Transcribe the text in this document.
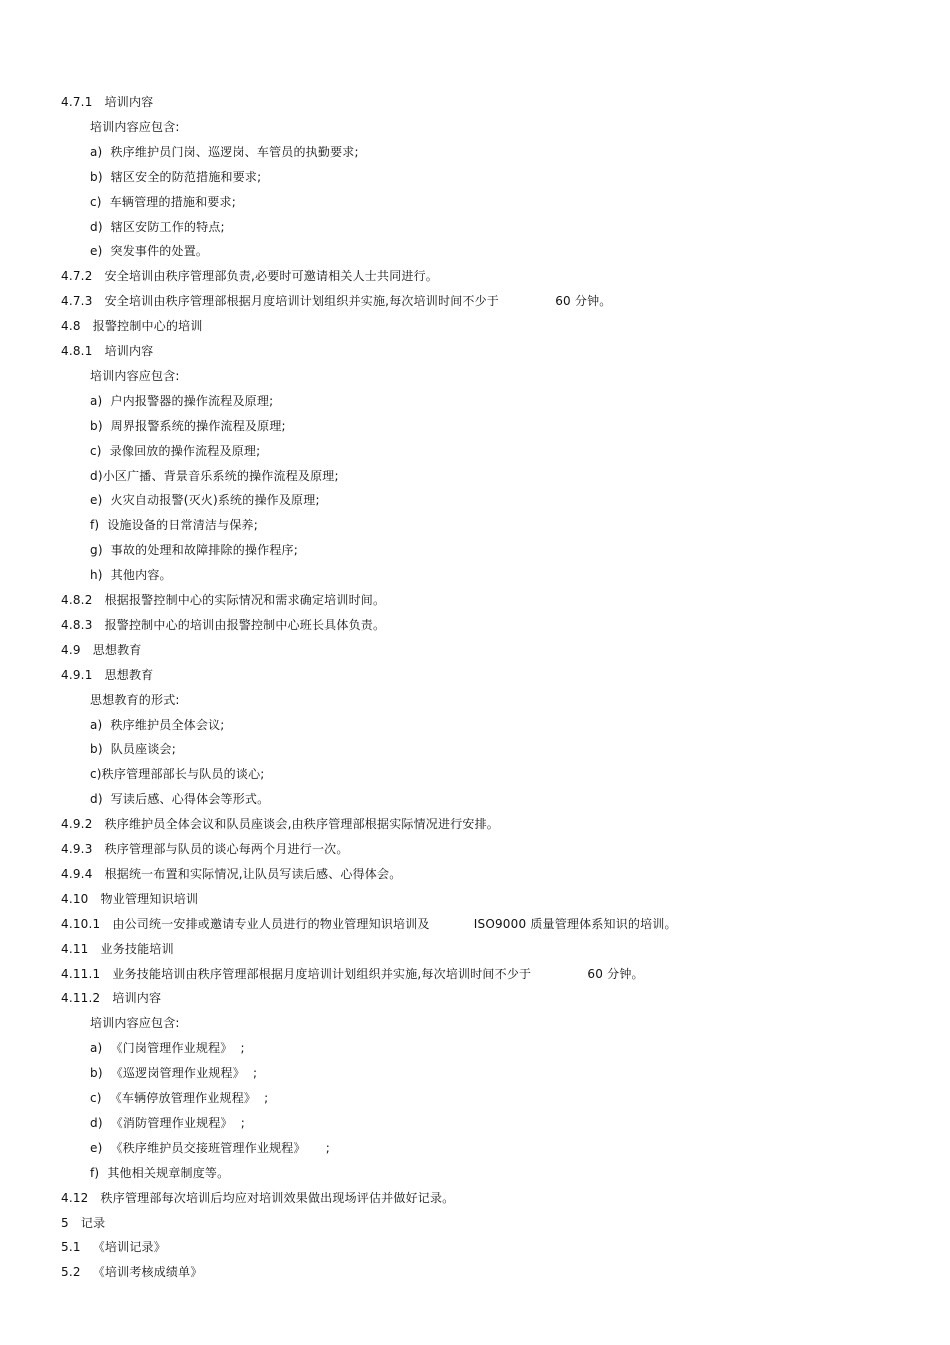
4.7.1   培训内容
培训内容应包含:
a)  秩序维护员门岗、巡逻岗、车管员的执勤要求;
b)  辖区安全的防范措施和要求;
c)  车辆管理的措施和要求;
d)  辖区安防工作的特点;
e)  突发事件的处置。
4.7.2   安全培训由秩序管理部负责,必要时可邀请相关人士共同进行。
4.7.3   安全培训由秩序管理部根据月度培训计划组织并实施,每次培训时间不少于              60 分钟。
4.8   报警控制中心的培训
4.8.1   培训内容
培训内容应包含:
a)  户内报警器的操作流程及原理;
b)  周界报警系统的操作流程及原理;
c)  录像回放的操作流程及原理;
d)小区广播、背景音乐系统的操作流程及原理;
e)  火灾自动报警(灭火)系统的操作及原理;
f)  设施设备的日常清洁与保养;
g)  事故的处理和故障排除的操作程序;
h)  其他内容。
4.8.2   根据报警控制中心的实际情况和需求确定培训时间。
4.8.3   报警控制中心的培训由报警控制中心班长具体负责。
4.9   思想教育
4.9.1   思想教育
思想教育的形式:
a)  秩序维护员全体会议;
b)  队员座谈会;
c)秩序管理部部长与队员的谈心;
d)  写读后感、心得体会等形式。
4.9.2   秩序维护员全体会议和队员座谈会,由秩序管理部根据实际情况进行安排。
4.9.3   秩序管理部与队员的谈心每两个月进行一次。
4.9.4   根据统一布置和实际情况,让队员写读后感、心得体会。
4.10   物业管理知识培训
4.10.1   由公司统一安排或邀请专业人员进行的物业管理知识培训及           ISO9000 质量管理体系知识的培训。
4.11   业务技能培训
4.11.1   业务技能培训由秩序管理部根据月度培训计划组织并实施,每次培训时间不少于              60 分钟。
4.11.2   培训内容
培训内容应包含:
a)  《门岗管理作业规程》  ;
b)  《巡逻岗管理作业规程》  ;
c)  《车辆停放管理作业规程》  ;
d)  《消防管理作业规程》  ;
e)  《秩序维护员交接班管理作业规程》     ;
f)  其他相关规章制度等。
4.12   秩序管理部每次培训后均应对培训效果做出现场评估并做好记录。
5   记录
5.1   《培训记录》
5.2   《培训考核成绩单》
